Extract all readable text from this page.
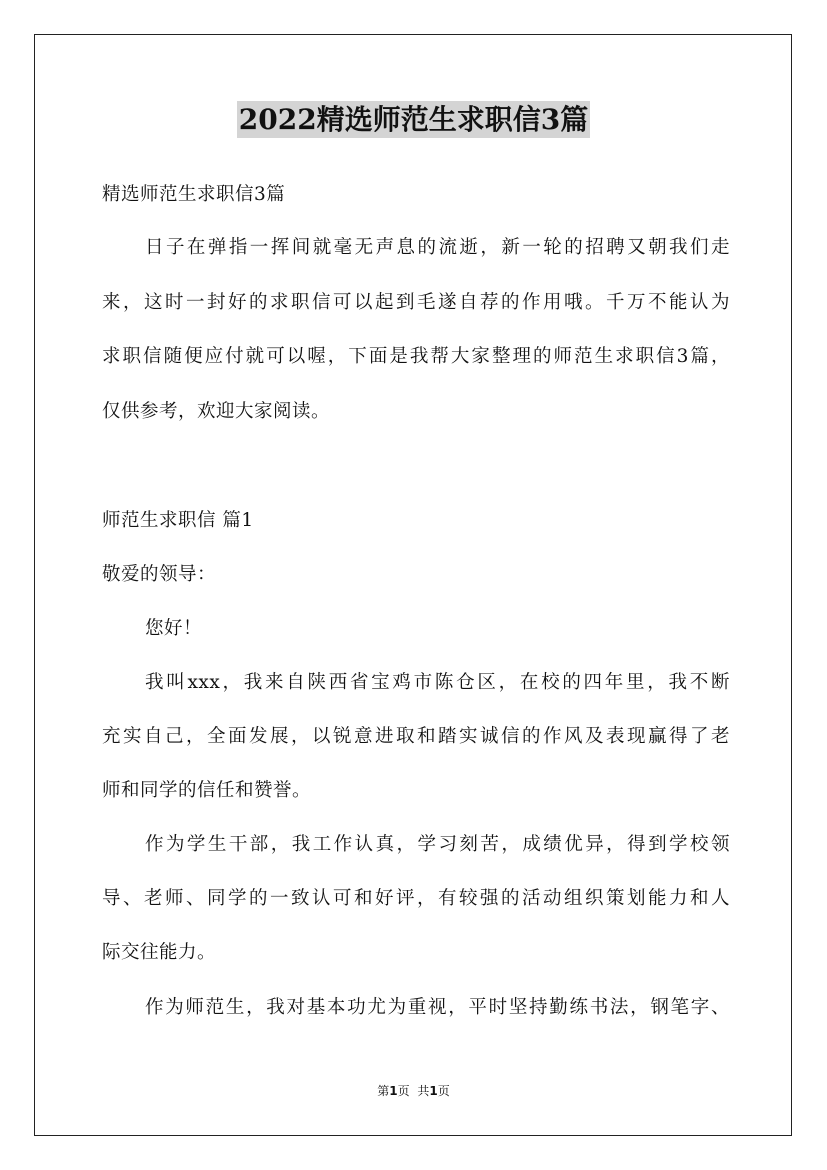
2022精选师范生求职信3篇
精选师范生求职信3篇
日子在弹指一挥间就毫无声息的流逝，新一轮的招聘又朝我们走
来，这时一封好的求职信可以起到毛遂自荐的作用哦。千万不能认为
求职信随便应付就可以喔，下面是我帮大家整理的师范生求职信3篇，
仅供参考，欢迎大家阅读。
师范生求职信 篇1
敬爱的领导：
您好！
我叫xxx，我来自陕西省宝鸡市陈仓区，在校的四年里，我不断
充实自己，全面发展，以锐意进取和踏实诚信的作风及表现赢得了老
师和同学的信任和赞誉。
作为学生干部，我工作认真，学习刻苦，成绩优异，得到学校领
导、老师、同学的一致认可和好评，有较强的活动组织策划能力和人
际交往能力。
作为师范生，我对基本功尤为重视，平时坚持勤练书法，钢笔字、
第1页 共1页
